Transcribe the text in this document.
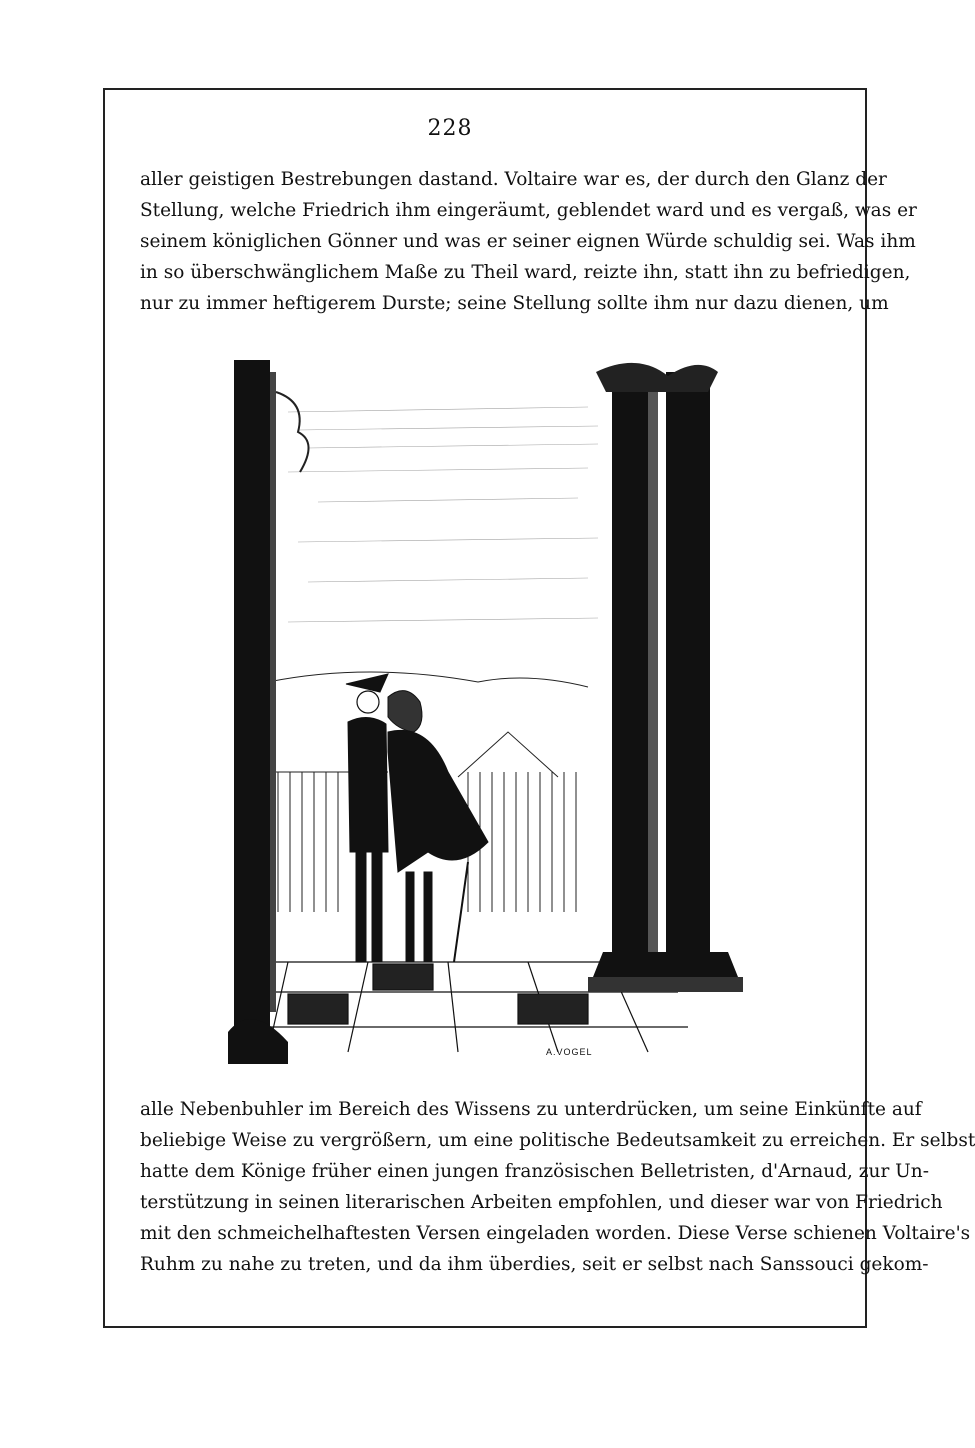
228
aller geistigen Bestrebungen dastand. Voltaire war es, der durch den Glanz der
Stellung, welche Friedrich ihm eingeräumt, geblendet ward und es vergaß, was er
seinem königlichen Gönner und was er seiner eignen Würde schuldig sei. Was ihm
in so überschwänglichem Maße zu Theil ward, reizte ihn, statt ihn zu befriedigen,
nur zu immer heftigerem Durste; seine Stellung sollte ihm nur dazu dienen, um
A.VOGEL
alle Nebenbuhler im Bereich des Wissens zu unterdrücken, um seine Einkünfte auf
beliebige Weise zu vergrößern, um eine politische Bedeutsamkeit zu erreichen. Er selbst
hatte dem Könige früher einen jungen französischen Belletristen, d'Arnaud, zur Un-
terstützung in seinen literarischen Arbeiten empfohlen, und dieser war von Friedrich
mit den schmeichelhaftesten Versen eingeladen worden. Diese Verse schienen Voltaire's
Ruhm zu nahe zu treten, und da ihm überdies, seit er selbst nach Sanssouci gekom-
